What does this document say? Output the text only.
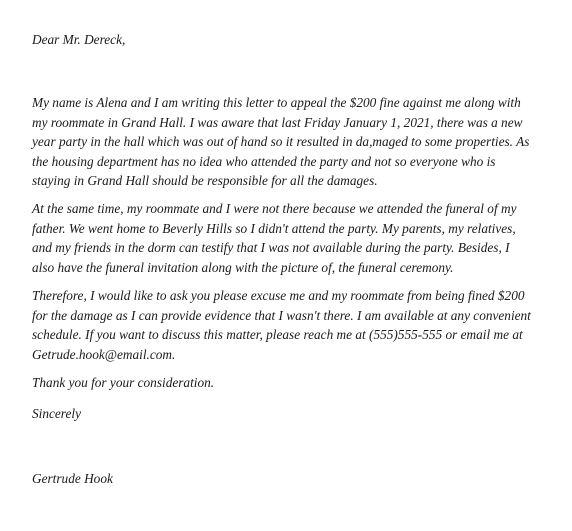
Dear Mr. Dereck,
My name is Alena and I am writing this letter to appeal the $200 fine against me along with
my roommate in Grand Hall. I was aware that last Friday January 1, 2021, there was a new
year party in the hall which was out of hand so it resulted in da,maged to some properties. As
the housing department has no idea who attended the party and not so everyone who is
staying in Grand Hall should be responsible for all the damages.
At the same time, my roommate and I were not there because we attended the funeral of my
father. We went home to Beverly Hills so I didn't attend the party. My parents, my relatives,
and my friends in the dorm can testify that I was not available during the party. Besides, I
also have the funeral invitation along with the picture of, the funeral ceremony.
Therefore, I would like to ask you please excuse me and my roommate from being fined $200
for the damage as I can provide evidence that I wasn't there. I am available at any convenient
schedule. If you want to discuss this matter, please reach me at (555)555-555 or email me at
Getrude.hook@email.com.
Thank you for your consideration.
Sincerely
Gertrude Hook
